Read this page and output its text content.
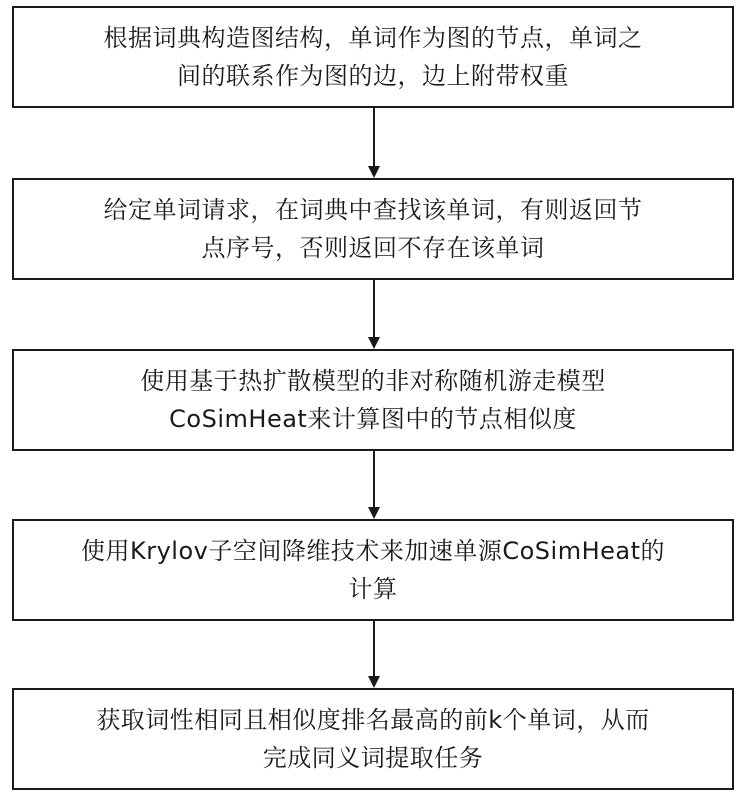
根据词典构造图结构，单词作为图的节点，单词之
间的联系作为图的边，边上附带权重

给定单词请求，在词典中查找该单词，有则返回节
点序号，否则返回不存在该单词

使用基于热扩散模型的非对称随机游走模型
CoSimHeat来计算图中的节点相似度

使用Krylov子空间降维技术来加速单源CoSimHeat的
计算

获取词性相同且相似度排名最高的前k个单词，从而
完成同义词提取任务
